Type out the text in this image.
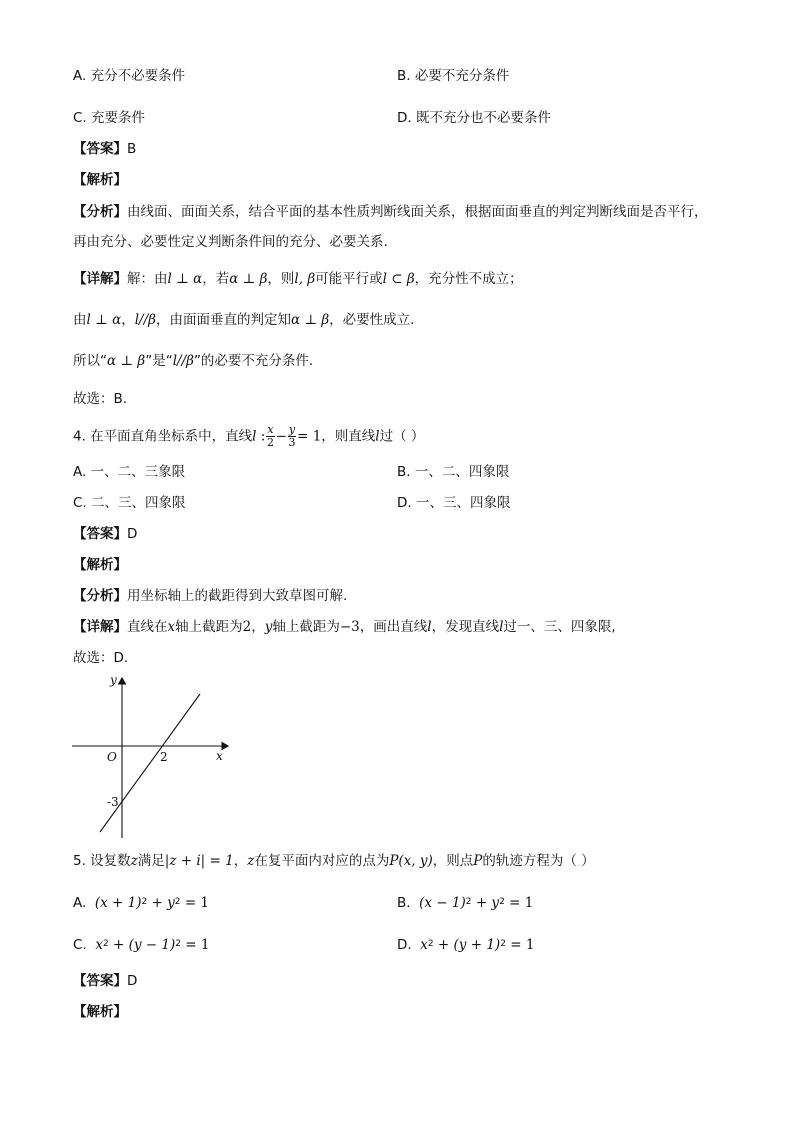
A. 充分不必要条件	B. 必要不充分条件
C. 充要条件	D. 既不充分也不必要条件
【答案】B
【解析】
【分析】由线面、面面关系，结合平面的基本性质判断线面关系，根据面面垂直的判定判断线面是否平行，
再由充分、必要性定义判断条件间的充分、必要关系.
【详解】解：由l ⊥ α，若α ⊥ β，则l, β可能平行或l ⊂ β，充分性不成立；
由l ⊥ α，l//β，由面面垂直的判定知α ⊥ β，必要性成立.
所以“α ⊥ β”是“l//β”的必要不充分条件.
故选：B.
4. 在平面直角坐标系中，直线l : $\frac{x}{2} - \frac{y}{3} = 1$，则直线l过（ ）
A. 一、二、三象限	B. 一、二、四象限
C. 二、三、四象限	D. 一、三、四象限
【答案】D
【解析】
【分析】用坐标轴上的截距得到大致草图可解.
【详解】直线在x轴上截距为2，y轴上截距为−3，画出直线l，发现直线l过一、三、四象限,
故选：D.
y
x
O	2
-3
5. 设复数z满足|z + i| = 1，z在复平面内对应的点为P(x, y)，则点P的轨迹方程为（ ）
A. $(x + 1)^2 + y^2 = 1$	B. $(x - 1)^2 + y^2 = 1$
C. $x^2 + (y - 1)^2 = 1$	D. $x^2 + (y + 1)^2 = 1$
【答案】D
【解析】
